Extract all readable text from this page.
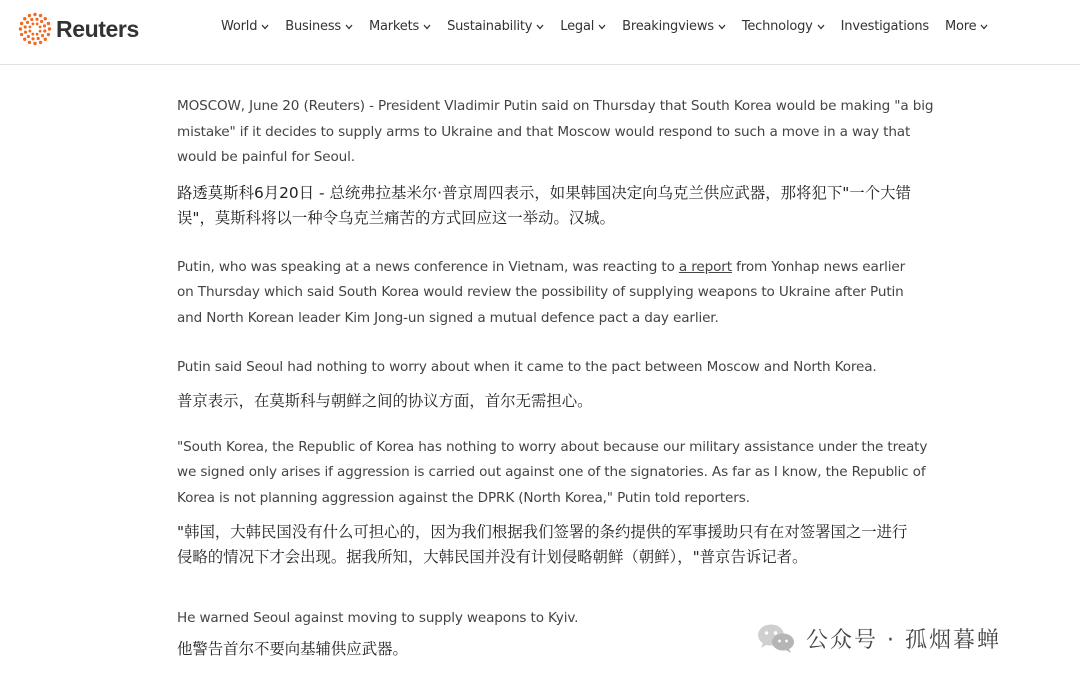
Reuters	World Business Markets Sustainability Legal Breakingviews Technology Investigations More

MOSCOW, June 20 (Reuters) - President Vladimir Putin said on Thursday that South Korea would be making "a big mistake" if it decides to supply arms to Ukraine and that Moscow would respond to such a move in a way that would be painful for Seoul.

路透莫斯科6月20日 - 总统弗拉基米尔·普京周四表示，如果韩国决定向乌克兰供应武器，那将犯下"一个大错误"，莫斯科将以一种令乌克兰痛苦的方式回应这一举动。汉城。

Putin, who was speaking at a news conference in Vietnam, was reacting to a report from Yonhap news earlier on Thursday which said South Korea would review the possibility of supplying weapons to Ukraine after Putin and North Korean leader Kim Jong-un signed a mutual defence pact a day earlier.

Putin said Seoul had nothing to worry about when it came to the pact between Moscow and North Korea.

普京表示，在莫斯科与朝鲜之间的协议方面，首尔无需担心。

"South Korea, the Republic of Korea has nothing to worry about because our military assistance under the treaty we signed only arises if aggression is carried out against one of the signatories. As far as I know, the Republic of Korea is not planning aggression against the DPRK (North Korea," Putin told reporters.

"韩国，大韩民国没有什么可担心的，因为我们根据我们签署的条约提供的军事援助只有在对签署国之一进行侵略的情况下才会出现。据我所知，大韩民国并没有计划侵略朝鲜（朝鲜），"普京告诉记者。

He warned Seoul against moving to supply weapons to Kyiv.

他警告首尔不要向基辅供应武器。	公众号 · 孤烟暮蝉
